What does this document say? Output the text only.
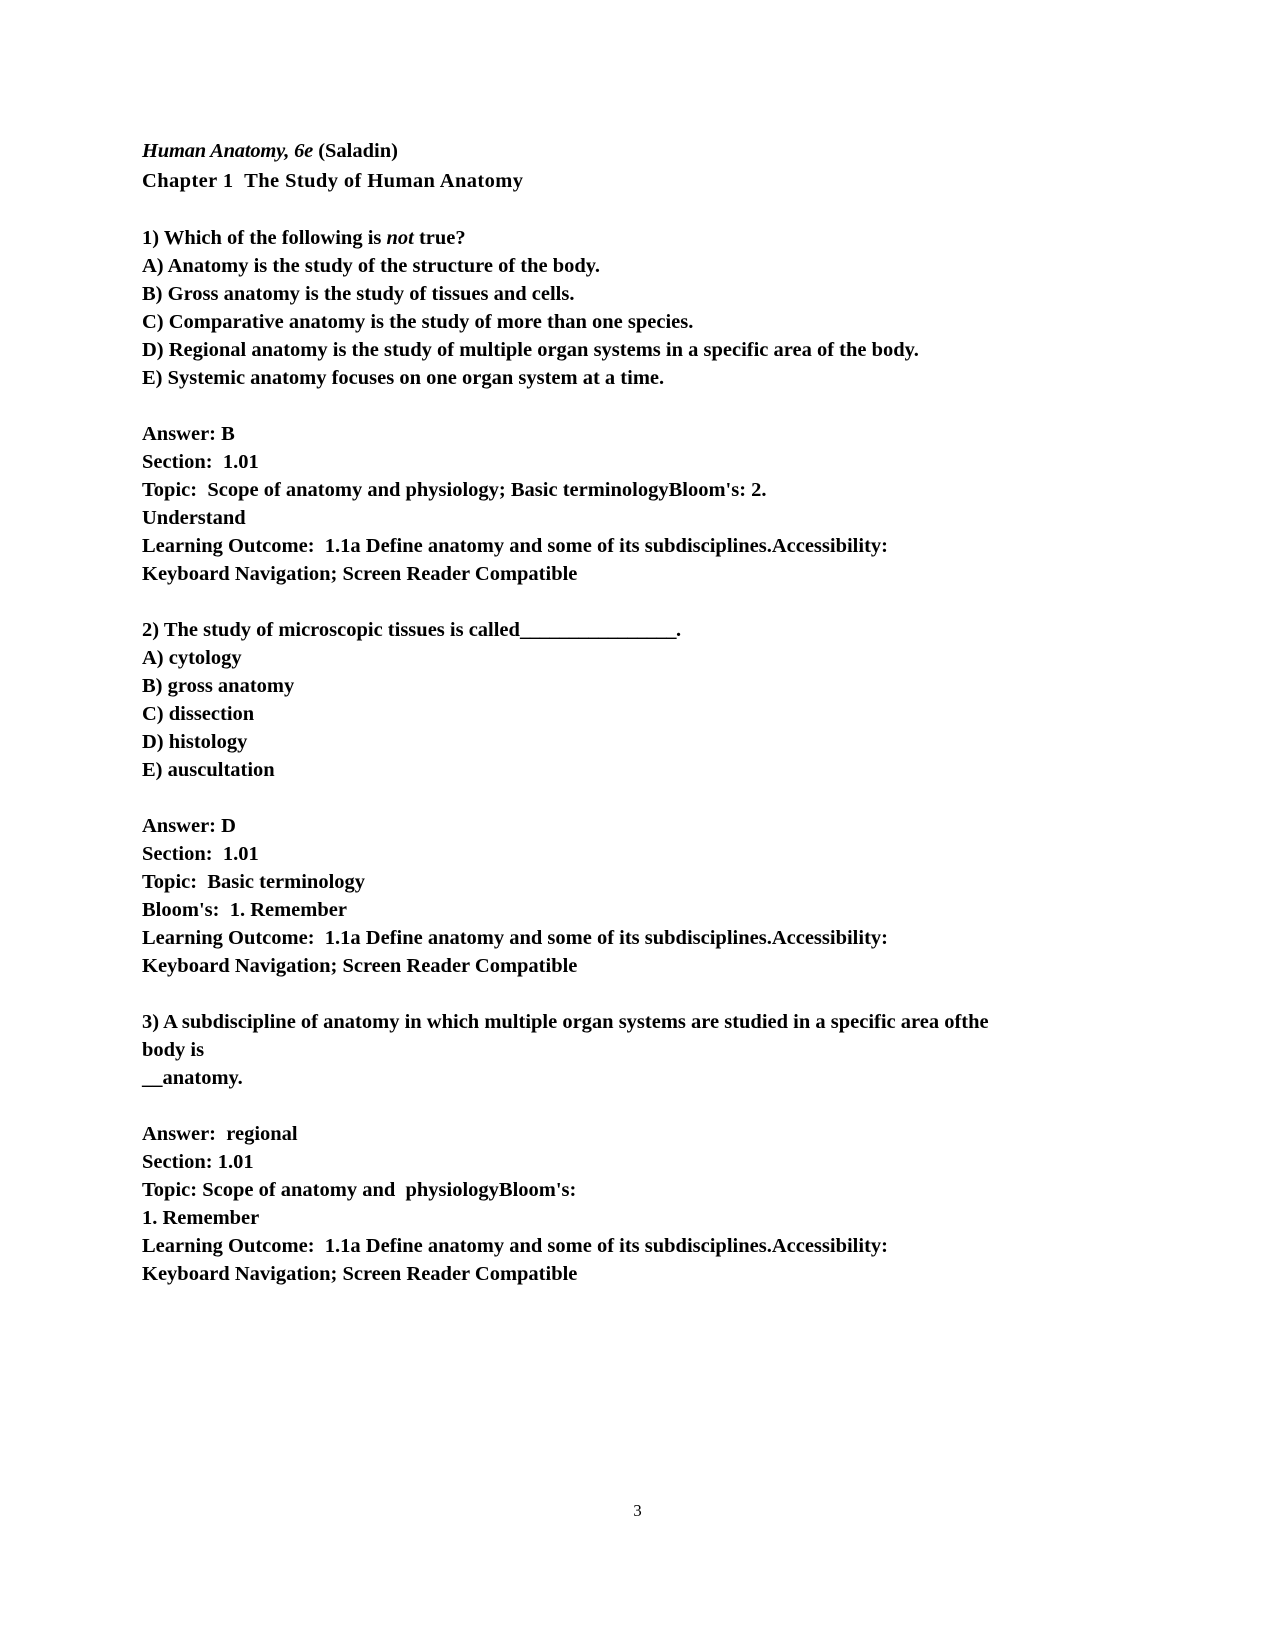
Human Anatomy, 6e (Saladin)
Chapter 1  The Study of Human Anatomy
1) Which of the following is not true?
A) Anatomy is the study of the structure of the body.
B) Gross anatomy is the study of tissues and cells.
C) Comparative anatomy is the study of more than one species.
D) Regional anatomy is the study of multiple organ systems in a specific area of the body.
E) Systemic anatomy focuses on one organ system at a time.
Answer: B
Section:  1.01
Topic:  Scope of anatomy and physiology; Basic terminologyBloom's: 2.
Understand
Learning Outcome:  1.1a Define anatomy and some of its subdisciplines.Accessibility:
Keyboard Navigation; Screen Reader Compatible
2) The study of microscopic tissues is called________________.
A) cytology
B) gross anatomy
C) dissection
D) histology
E) auscultation
Answer: D
Section:  1.01
Topic:  Basic terminology
Bloom's:  1. Remember
Learning Outcome:  1.1a Define anatomy and some of its subdisciplines.Accessibility:
Keyboard Navigation; Screen Reader Compatible
3) A subdiscipline of anatomy in which multiple organ systems are studied in a specific area ofthe body is
__anatomy.
Answer:  regional
Section: 1.01
Topic: Scope of anatomy and  physiologyBloom's:
1. Remember
Learning Outcome:  1.1a Define anatomy and some of its subdisciplines.Accessibility:
Keyboard Navigation; Screen Reader Compatible
3
